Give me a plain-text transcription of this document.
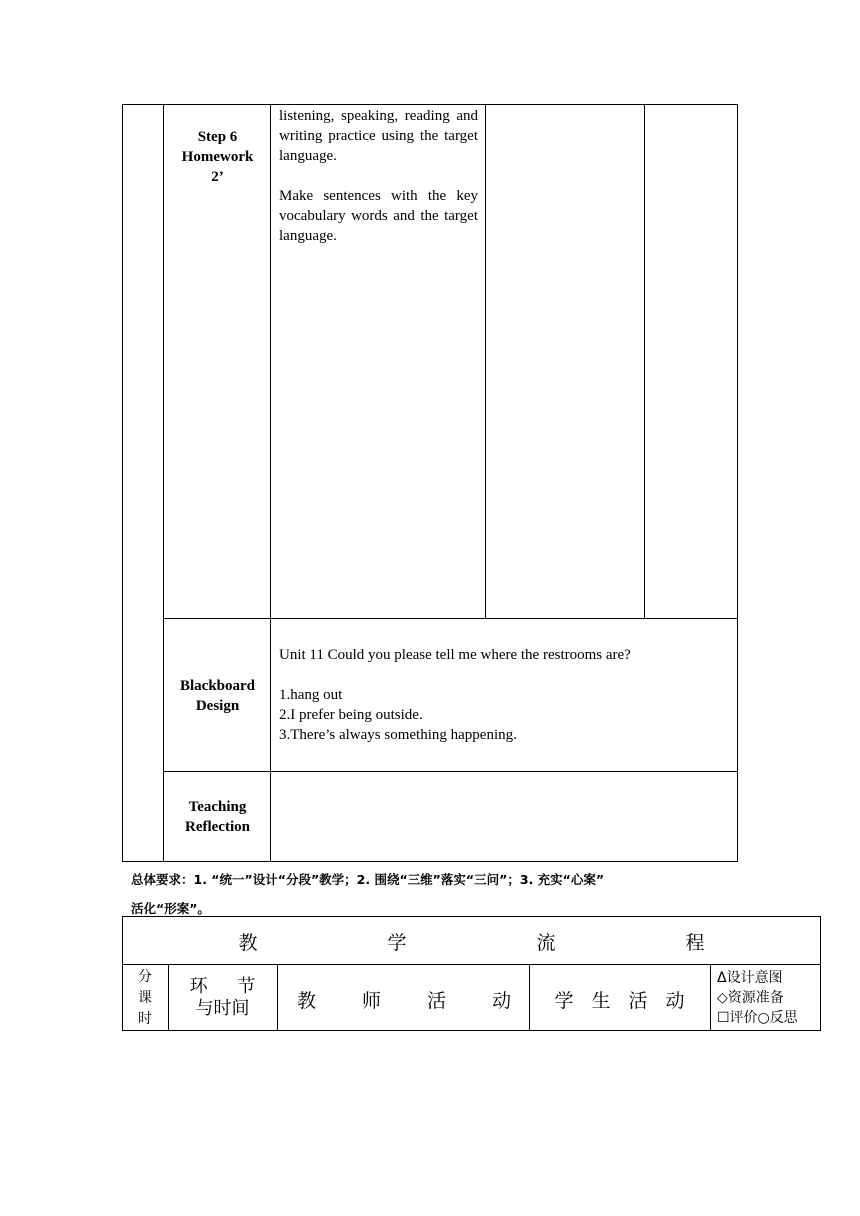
Step 6
Homework
2’
listening, speaking, reading and writing practice using the target language.
Make sentences with the key vocabulary words and the target language.
Blackboard
Design
Unit 11 Could you please tell me where the restrooms are?
1.hang out
2.I prefer being outside.
3.There’s always something happening.
Teaching
Reflection
总体要求：1. “统一”设计“分段”教学；2. 围绕“三维”落实“三问”；3. 充实“心案”
活化“形案”。
教 学 流 程
分
课
时
环 节
与时间	教 师 活 动	学 生 活 动
Δ设计意图
◇资源准备
☐评价○反思
